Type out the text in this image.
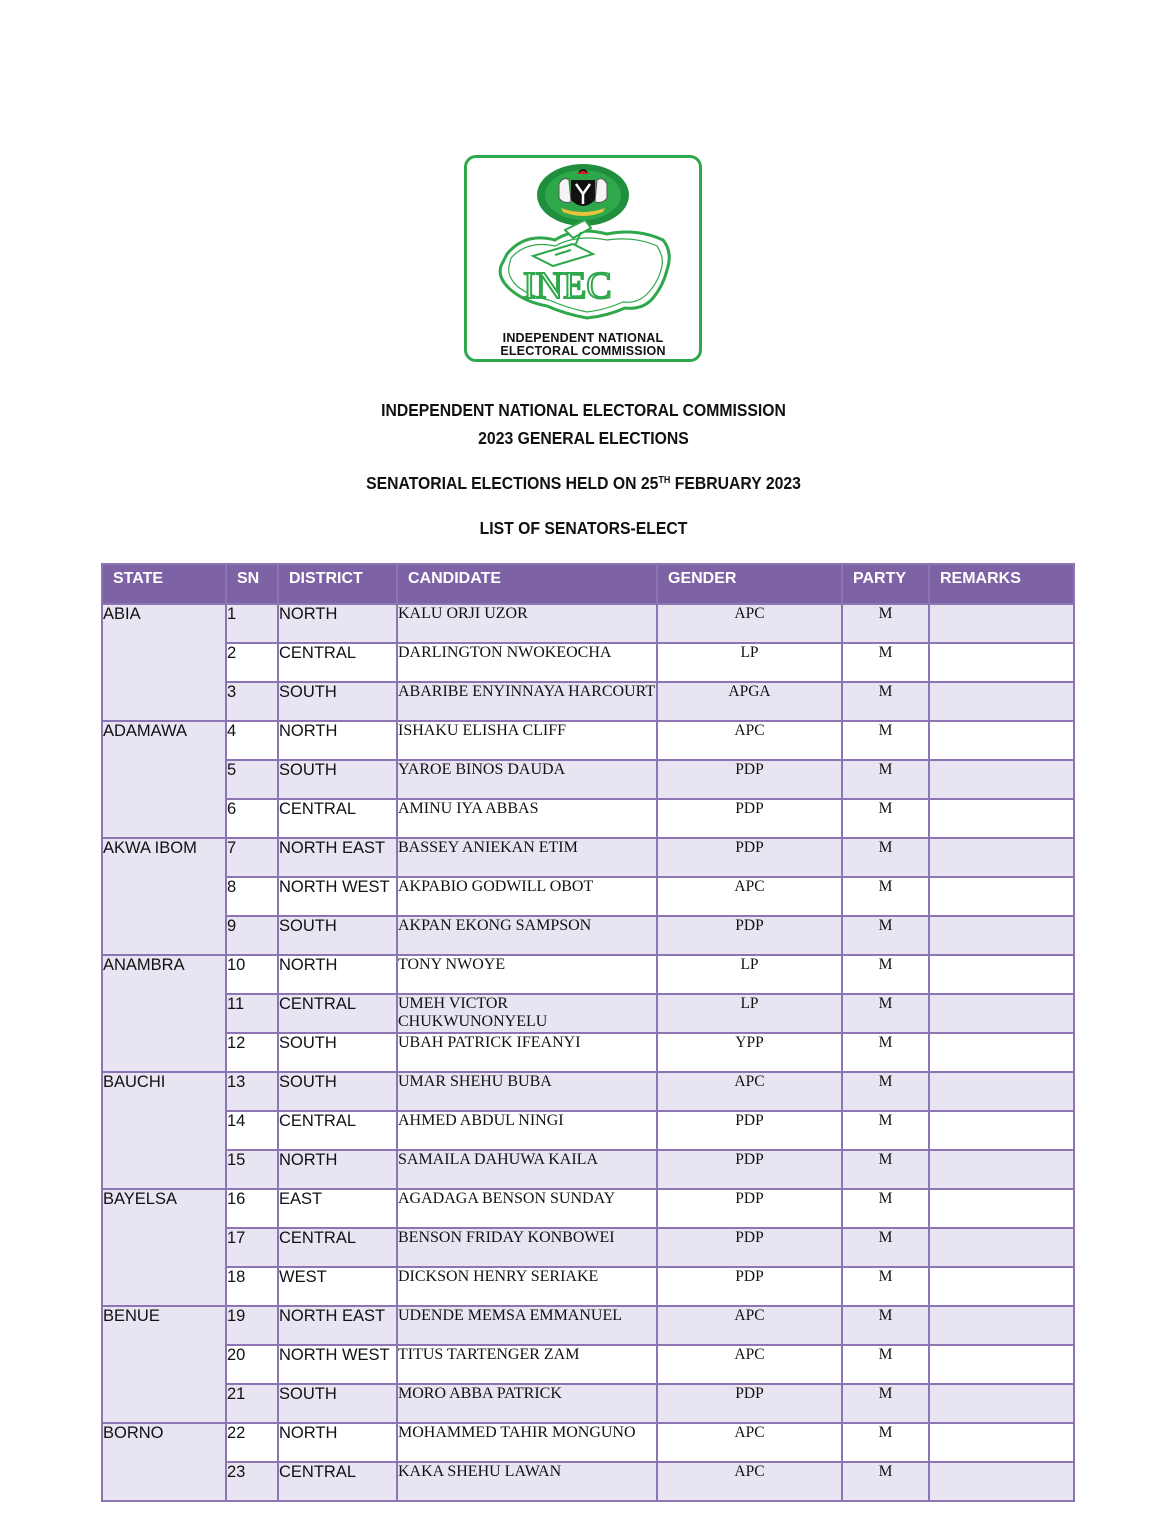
INEC
INDEPENDENT NATIONAL
ELECTORAL COMMISSION
INDEPENDENT NATIONAL ELECTORAL COMMISSION
2023 GENERAL ELECTIONS
SENATORIAL ELECTIONS HELD ON 25TH FEBRUARY 2023
LIST OF SENATORS-ELECT
STATE	SN	DISTRICT	CANDIDATE	GENDER	PARTY	REMARKS
ABIA	1	NORTH	KALU ORJI UZOR	APC	M	
	2	CENTRAL	DARLINGTON NWOKEOCHA	LP	M	
	3	SOUTH	ABARIBE ENYINNAYA HARCOURT	APGA	M	
ADAMAWA	4	NORTH	ISHAKU ELISHA CLIFF	APC	M	
	5	SOUTH	YAROE BINOS DAUDA	PDP	M	
	6	CENTRAL	AMINU IYA ABBAS	PDP	M	
AKWA IBOM	7	NORTH EAST	BASSEY ANIEKAN ETIM	PDP	M	
	8	NORTH WEST	AKPABIO GODWILL OBOT	APC	M	
	9	SOUTH	AKPAN EKONG SAMPSON	PDP	M	
ANAMBRA	10	NORTH	TONY NWOYE	LP	M	
	11	CENTRAL	UMEH VICTOR CHUKWUNONYELU	LP	M	
	12	SOUTH	UBAH PATRICK IFEANYI	YPP	M	
BAUCHI	13	SOUTH	UMAR SHEHU BUBA	APC	M	
	14	CENTRAL	AHMED ABDUL NINGI	PDP	M	
	15	NORTH	SAMAILA DAHUWA KAILA	PDP	M	
BAYELSA	16	EAST	AGADAGA BENSON SUNDAY	PDP	M	
	17	CENTRAL	BENSON FRIDAY KONBOWEI	PDP	M	
	18	WEST	DICKSON HENRY SERIAKE	PDP	M	
BENUE	19	NORTH EAST	UDENDE MEMSA EMMANUEL	APC	M	
	20	NORTH WEST	TITUS TARTENGER ZAM	APC	M	
	21	SOUTH	MORO ABBA PATRICK	PDP	M	
BORNO	22	NORTH	MOHAMMED TAHIR MONGUNO	APC	M	
	23	CENTRAL	KAKA SHEHU LAWAN	APC	M	
